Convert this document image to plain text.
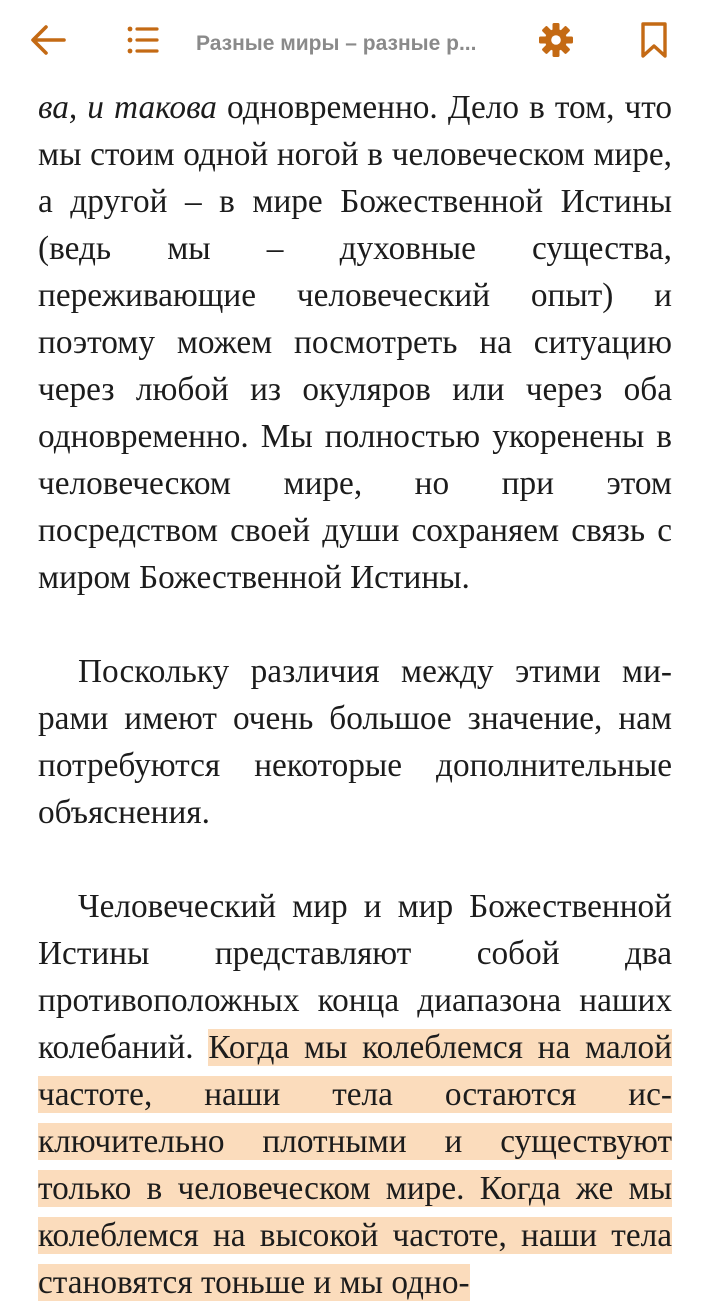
Разные миры – разные р...

ва, и такова одновременно. Дело в том, что мы стоим одной ногой в человеческом мире, а другой – в мире Божественной Истины (ведь мы – духовные существа, переживающие человеческий опыт) и поэтому можем посмотреть на ситуацию через любой из окуляров или через оба одновременно. Мы полностью укоренены в человеческом мире, но при этом посредством своей души сохраняем связь с миром Божественной Истины.

Поскольку различия между этими мирами имеют очень большое значение, нам потребуются некоторые дополнительные объяснения.

Человеческий мир и мир Божественной Истины представляют собой два противоположных конца диапазона наших колебаний. Когда мы колеблемся на малой частоте, наши тела остаются исключительно плотными и существуют только в человеческом мире. Когда же мы колеблемся на высокой частоте, наши тела становятся тоньше и мы одно-
